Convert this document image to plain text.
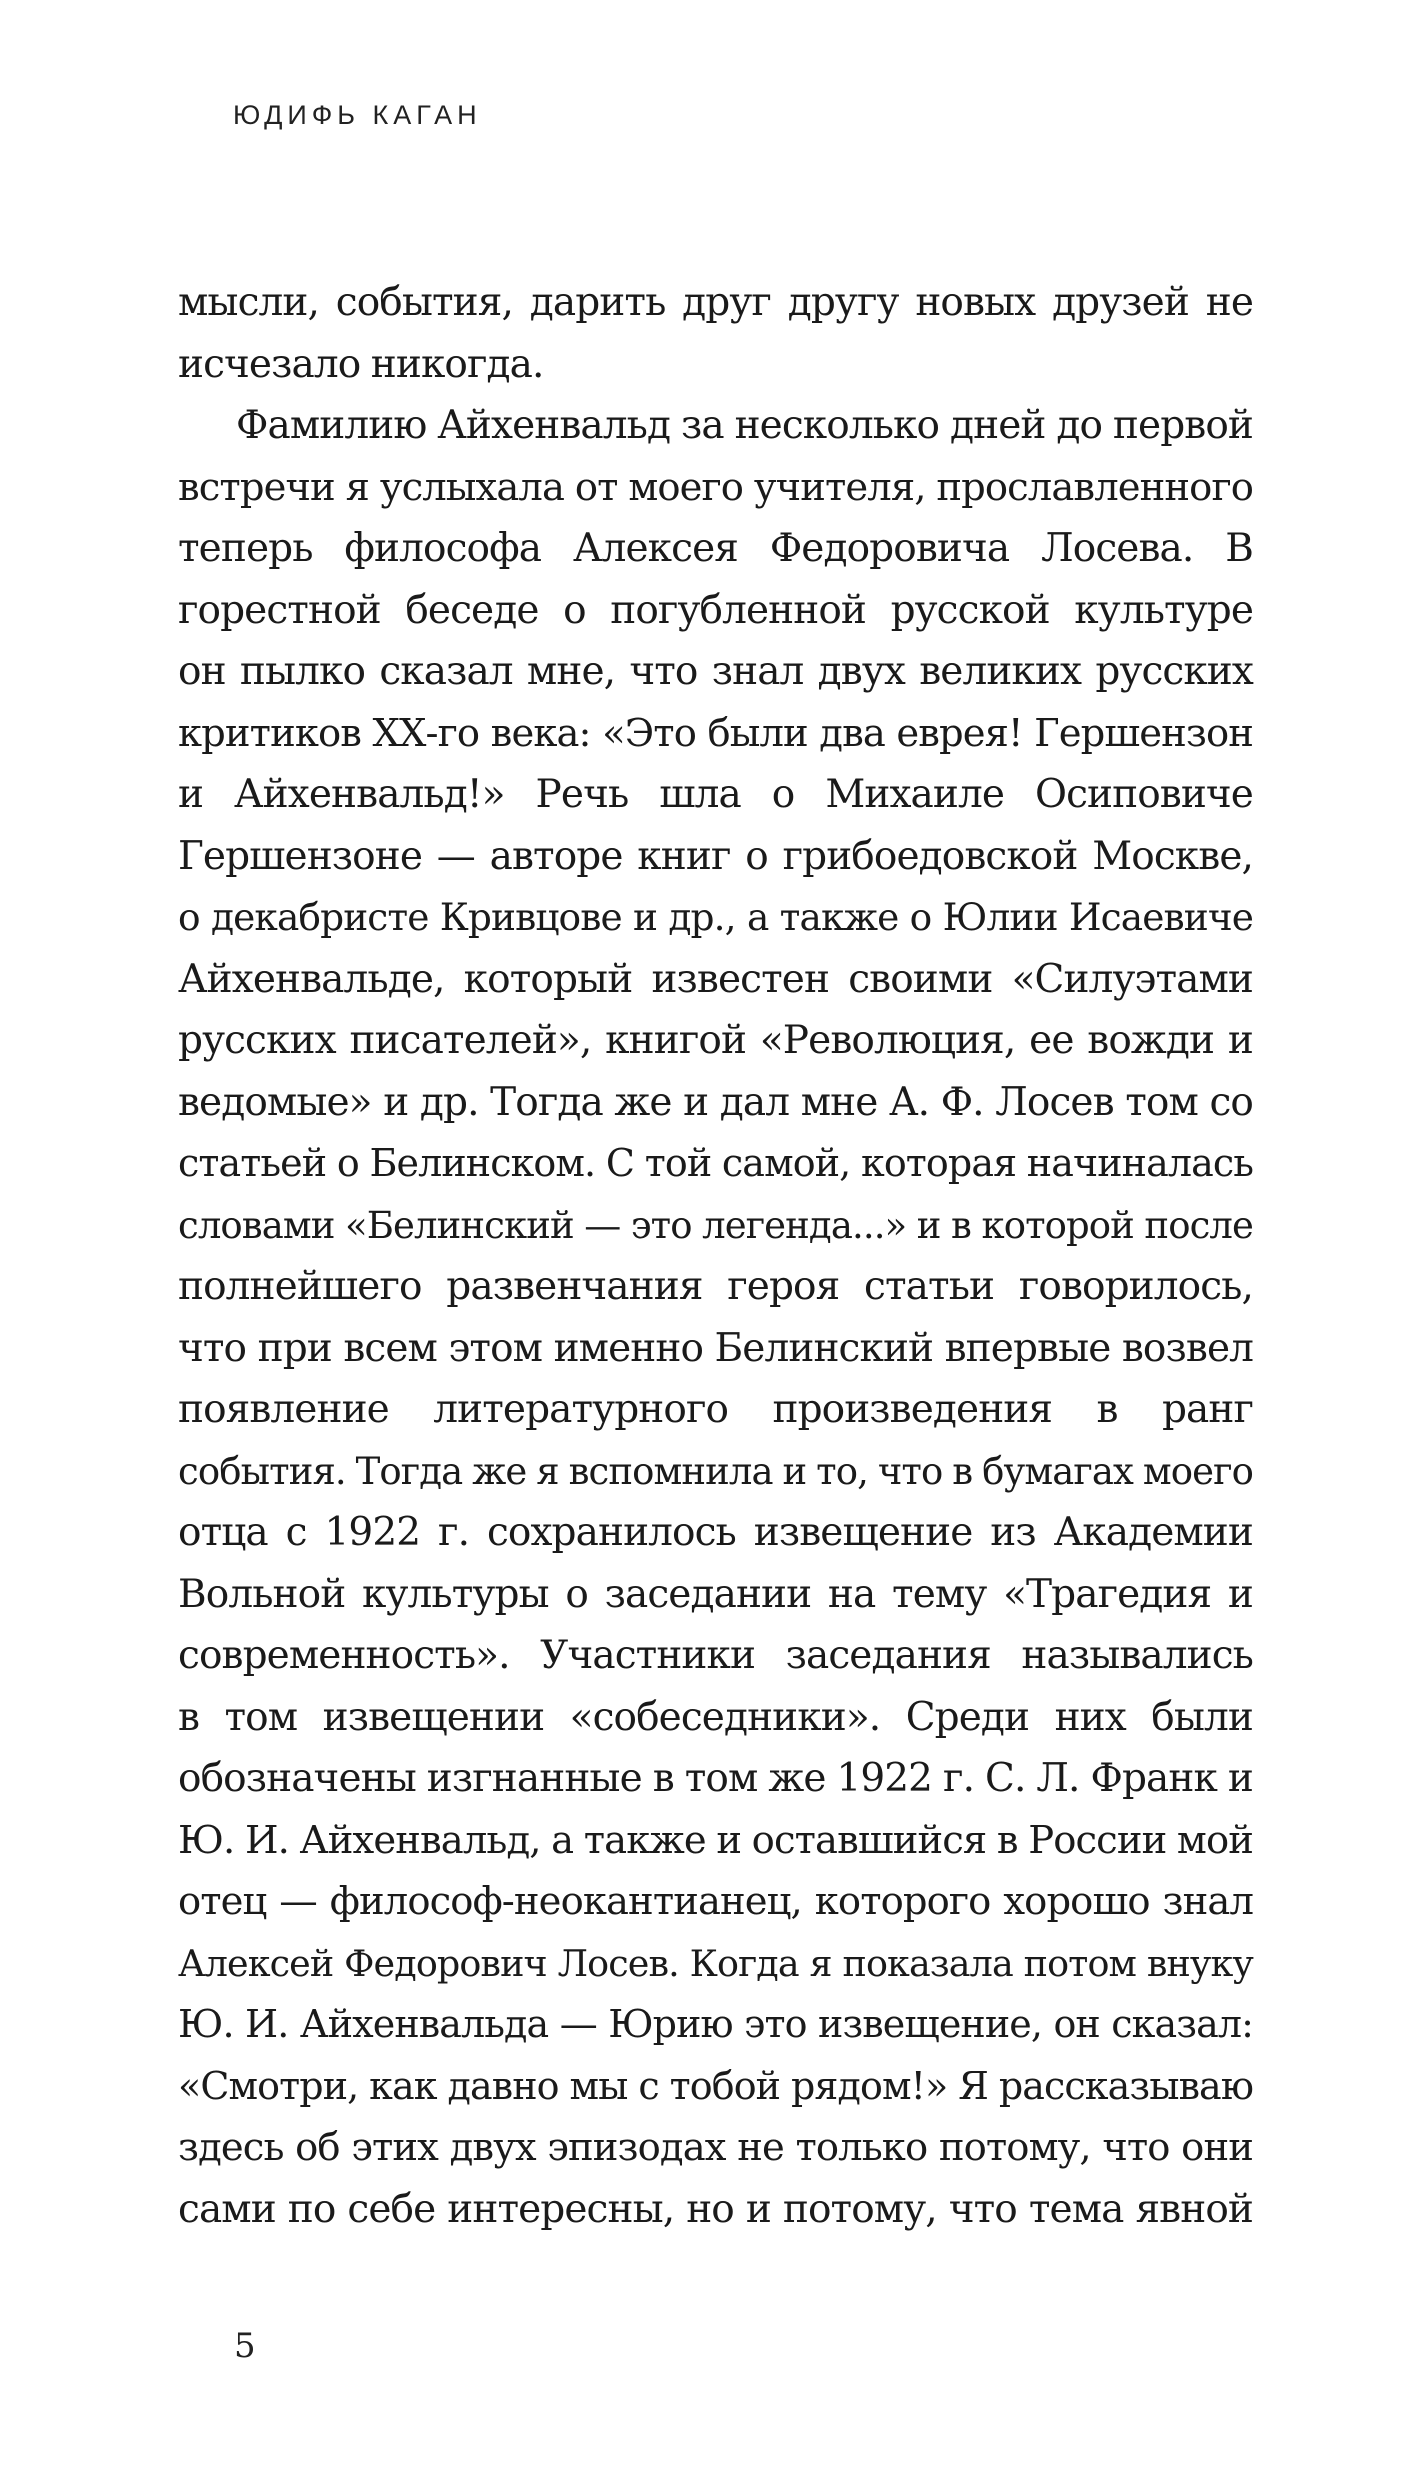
ЮДИФЬ КАГАН
мысли, события, дарить друг другу новых друзей не
исчезало никогда.
Фамилию Айхенвальд за несколько дней до первой
встречи я услыхала от моего учителя, прославленного
теперь философа Алексея Федоровича Лосева. В
горестной беседе о погубленной русской культуре
он пылко сказал мне, что знал двух великих русских
критиков ХХ-го века: «Это были два еврея! Гершензон
и Айхенвальд!» Речь шла о Михаиле Осиповиче
Гершензоне — авторе книг о грибоедовской Москве,
о декабристе Кривцове и др., а также о Юлии Исаевиче
Айхенвальде, который известен своими «Силуэтами
русских писателей», книгой «Революция, ее вожди и
ведомые» и др. Тогда же и дал мне А. Ф. Лосев том со
статьей о Белинском. С той самой, которая начиналась
словами «Белинский — это легенда...» и в которой после
полнейшего развенчания героя статьи говорилось,
что при всем этом именно Белинский впервые возвел
появление литературного произведения в ранг
события. Тогда же я вспомнила и то, что в бумагах моего
отца с 1922 г. сохранилось извещение из Академии
Вольной культуры о заседании на тему «Трагедия и
современность». Участники заседания назывались
в том извещении «собеседники». Среди них были
обозначены изгнанные в том же 1922 г. С. Л. Франк и
Ю. И. Айхенвальд, а также и оставшийся в России мой
отец — философ-неокантианец, которого хорошо знал
Алексей Федорович Лосев. Когда я показала потом внуку
Ю. И. Айхенвальда — Юрию это извещение, он сказал:
«Смотри, как давно мы с тобой рядом!» Я рассказываю
здесь об этих двух эпизодах не только потому, что они
сами по себе интересны, но и потому, что тема явной
5
